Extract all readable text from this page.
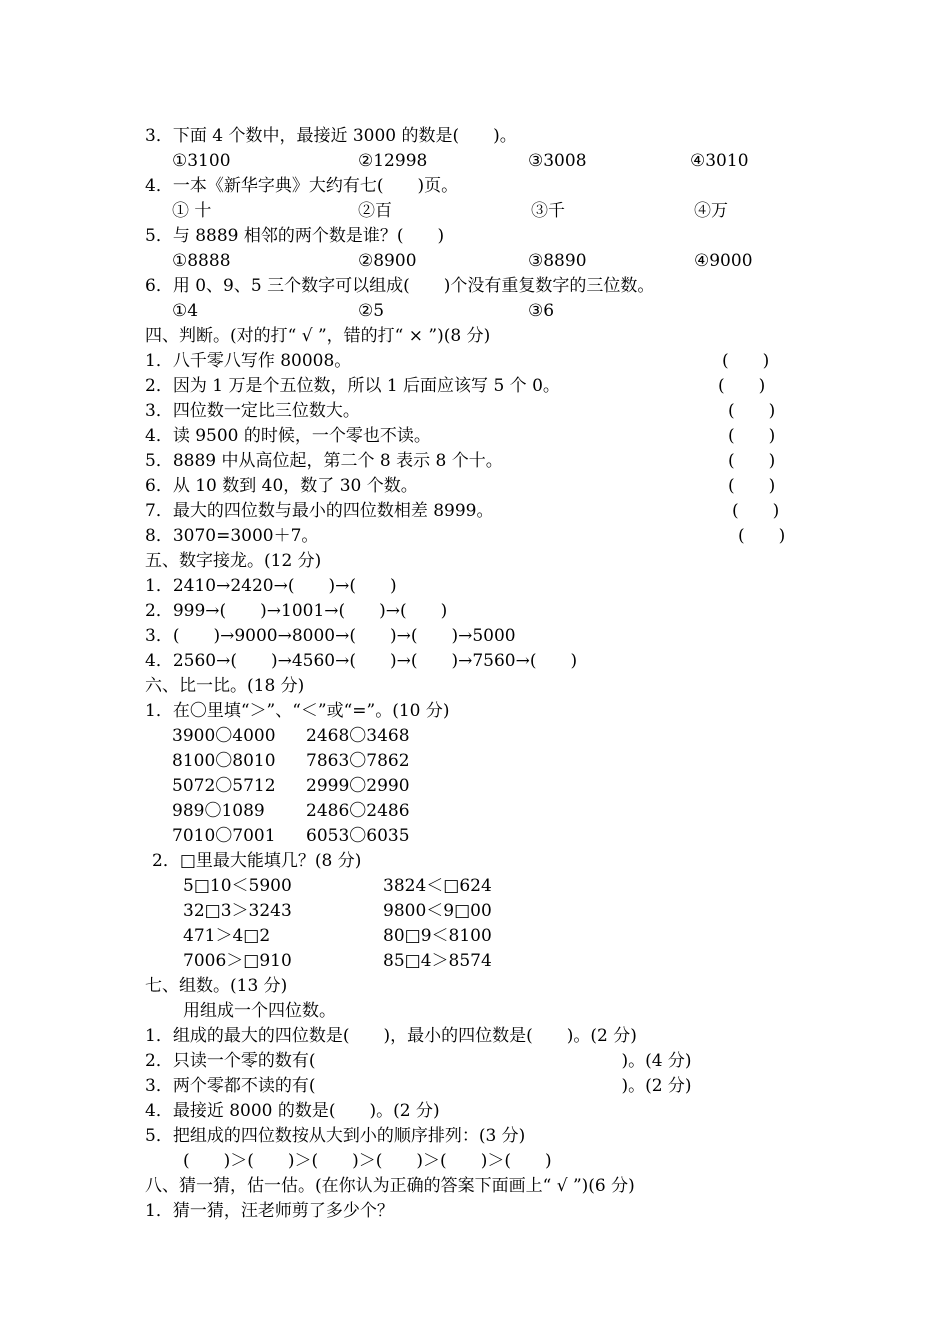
3．下面 4 个数中，最接近 3000 的数是(　　)。
①3100	②12998	③3008	④3010
4．一本《新华字典》大约有七(　　)页。
① 十	②百	③千	④万
5．与 8889 相邻的两个数是谁？(　　)
①8888	②8900	③8890	④9000
6．用 0、9、5 三个数字可以组成(　　)个没有重复数字的三位数。
①4	②5	③6
四、判断。(对的打“ √ ”，错的打“ × ”)(8 分)
1．八千零八写作 80008。	(　　)
2．因为 1 万是个五位数，所以 1 后面应该写 5 个 0。	(　　)
3．四位数一定比三位数大。	(　　)
4．读 9500 的时候，一个零也不读。	(　　)
5．8889 中从高位起，第二个 8 表示 8 个十。	(　　)
6．从 10 数到 40，数了 30 个数。	(　　)
7．最大的四位数与最小的四位数相差 8999。	(　　)
8．3070=3000＋7。	(　　)
五、数字接龙。(12 分)
1．2410→2420→(　　)→(　　)
2．999→(　　)→1001→(　　)→(　　)
3．(　　)→9000→8000→(　　)→(　　)→5000
4．2560→(　　)→4560→(　　)→(　　)→7560→(　　)
六、比一比。(18 分)
1．在〇里填“＞”、“＜”或“=”。(10 分)
3900〇4000 2468〇3468
8100〇8010 7863〇7862
5072〇5712 2999〇2990
989〇1089 2486〇2486
7010〇7001 6053〇6035
2．□里最大能填几？(8 分)
5□10＜5900	3824＜□624
32□3＞3243	9800＜9□00
471＞4□2	80□9＜8100
7006＞□910	85□4＞8574
七、组数。(13 分)
用组成一个四位数。
1．组成的最大的四位数是(　　)，最小的四位数是(　　)。(2 分)
2．只读一个零的数有(　　　　　　　　　　　　　　　　　　)。(4 分)
3．两个零都不读的有(　　　　　　　　　　　　　　　　　　)。(2 分)
4．最接近 8000 的数是(　　)。(2 分)
5．把组成的四位数按从大到小的顺序排列：(3 分)
(　　)＞(　　)＞(　　)＞(　　)＞(　　)＞(　　)
八、猜一猜，估一估。(在你认为正确的答案下面画上“ √ ”)(6 分)
1．猜一猜，汪老师剪了多少个？
